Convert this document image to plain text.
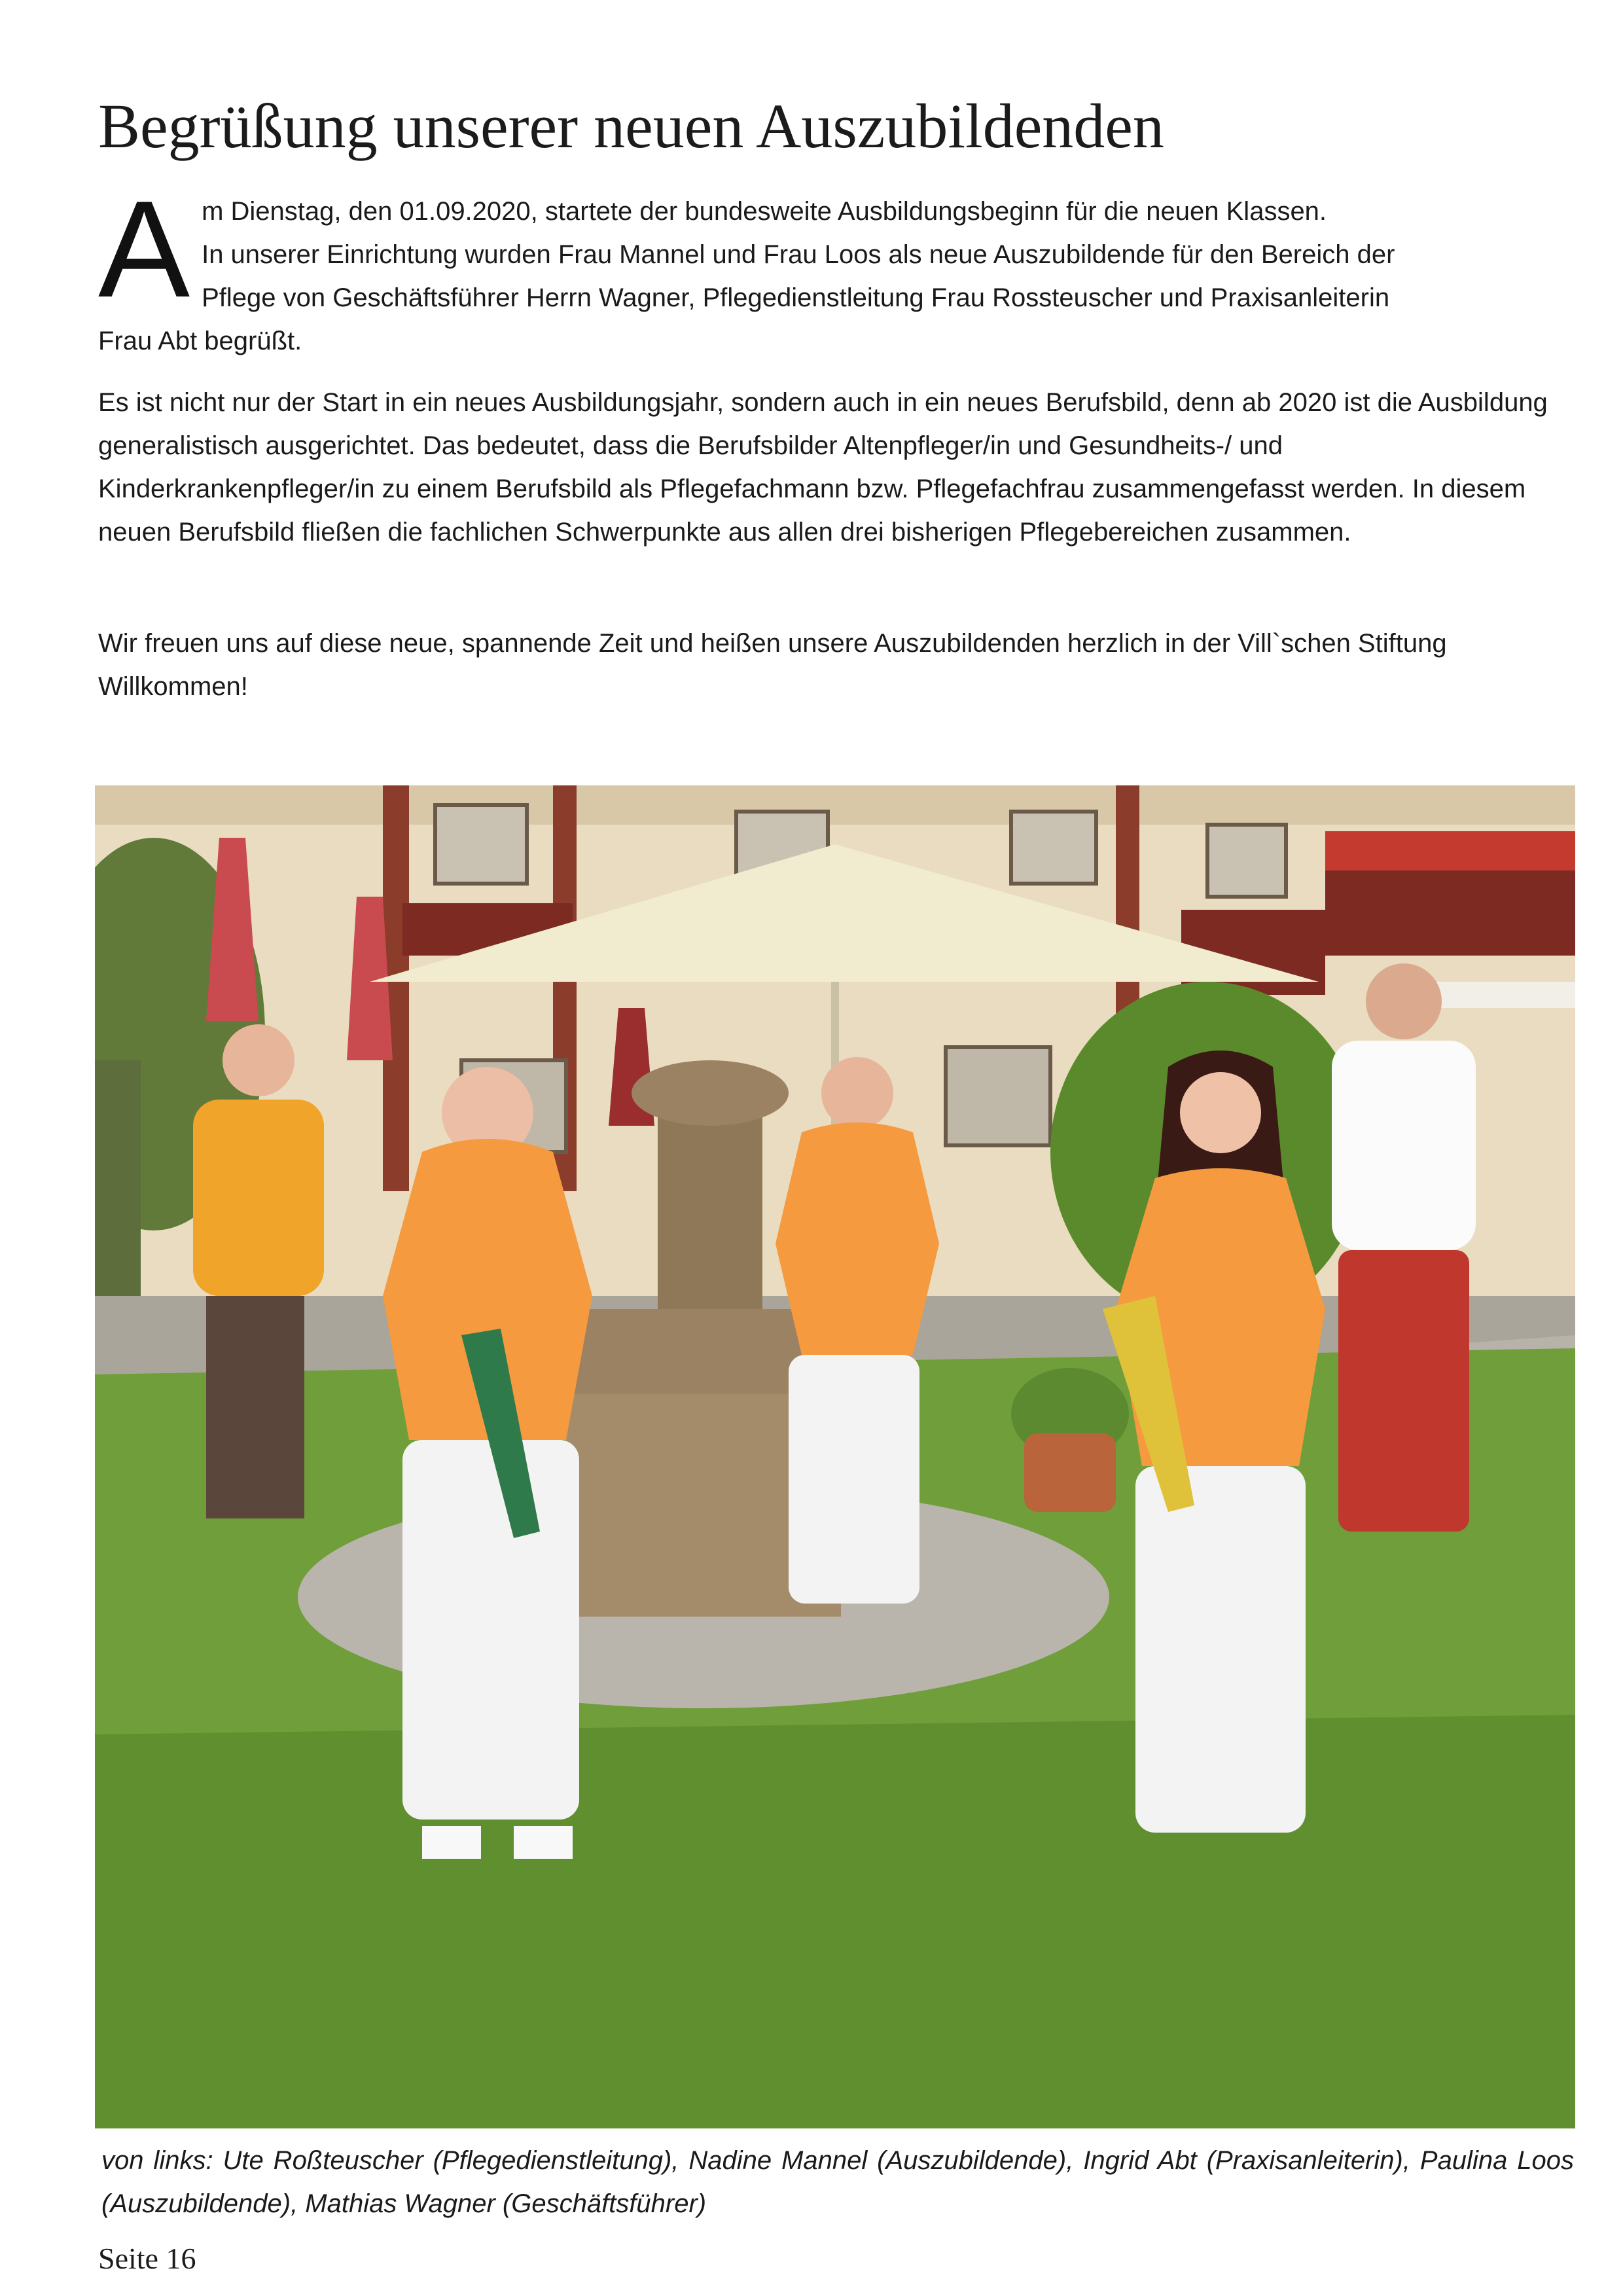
Begrüßung unserer neuen Auszubildenden
A m Dienstag, den 01.09.2020, startete der bundesweite Ausbildungsbeginn für die neuen Klassen.

In unserer Einrichtung wurden Frau Mannel und Frau Loos als neue Auszubildende für den Bereich der

Pflege von Geschäftsführer Herrn Wagner, Pflegedienstleitung Frau Rossteuscher und Praxisanleiterin

Frau Abt begrüßt.

Es ist nicht nur der Start in ein neues Ausbildungsjahr, sondern auch in ein neues Berufsbild, denn ab 2020 ist die Ausbildung generalistisch ausgerichtet. Das bedeutet, dass die Berufsbilder Altenpfleger/in und Gesundheits-/ und Kinderkrankenpfleger/in zu einem Berufsbild als Pflegefachmann bzw. Pflegefachfrau zusammengefasst werden. In diesem neuen Berufsbild fließen die fachlichen Schwerpunkte aus allen drei bisherigen Pflegebereichen zusammen.

Wir freuen uns auf diese neue, spannende Zeit und heißen unsere Auszubildenden herzlich in der Vill`schen Stiftung Willkommen!

von links: Ute Roßteuscher (Pflegedienstleitung), Nadine Mannel (Auszubildende), Ingrid Abt (Praxisanleiterin), Paulina Loos (Auszubildende), Mathias Wagner (Geschäftsführer)
Seite 16
